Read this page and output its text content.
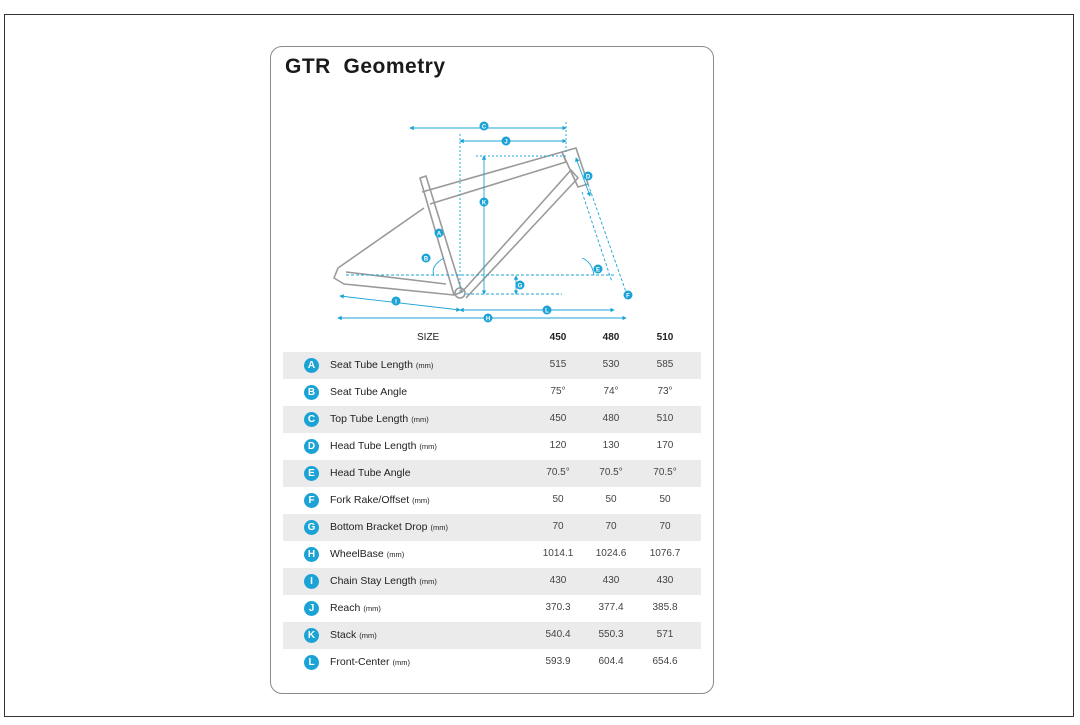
GTR  Geometry
C
J
D
K
A
B
E
G
F
I
L
H
SIZE	450	480	510
A	Seat Tube Length (mm)	515	530	585
B	Seat Tube Angle	75°	74°	73°
C	Top Tube Length (mm)	450	480	510
D	Head Tube Length (mm)	120	130	170
E	Head Tube Angle	70.5°	70.5°	70.5°
F	Fork Rake/Offset (mm)	50	50	50
G	Bottom Bracket Drop (mm)	70	70	70
H	WheelBase (mm)	1014.1	1024.6	1076.7
I	Chain Stay Length (mm)	430	430	430
J	Reach (mm)	370.3	377.4	385.8
K	Stack (mm)	540.4	550.3	571
L	Front-Center (mm)	593.9	604.4	654.6
